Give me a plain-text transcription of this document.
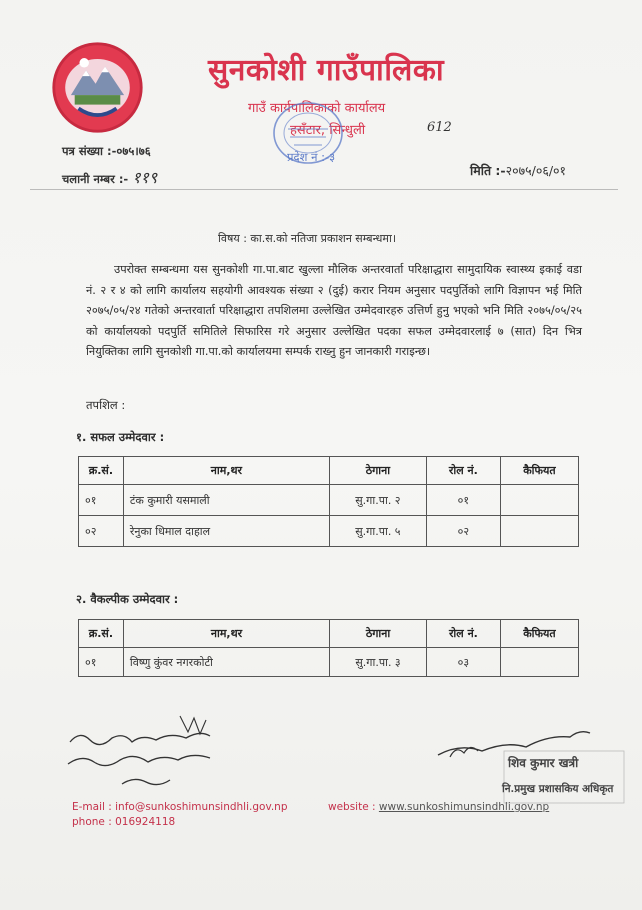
सुनकोशी गाउँपालिका
गाउँ कार्यपालिकाको कार्यालय
हसँटार, सिन्धुली
पत्र संख्या :-०७५।७६
चलानी नम्बर :- ११९
प्रदेश नं :-३
612
मिति :-२०७५/०६/०१
विषय : का.स.को नतिजा प्रकाशन सम्बन्धमा।
उपरोक्त सम्बन्धमा यस सुनकोशी गा.पा.बाट खुल्ला मौलिक अन्तरवार्ता परिक्षाद्धारा सामुदायिक स्वास्थ्य इकाई वडा नं. २ र ४ को लागि कार्यालय सहयोगी आवश्यक संख्या २ (दुई) करार नियम अनुसार पदपुर्तिको लागि विज्ञापन भई मिति २०७५/०५/२४ गतेको अन्तरवार्ता परिक्षाद्धारा तपशिलमा उल्लेखित उम्मेदवारहरु उत्तिर्ण हुनु भएको भनि मिति २०७५/०५/२५ को कार्यालयको पदपुर्ति समितिले सिफारिस गरे अनुसार उल्लेखित पदका सफल उम्मेदवारलाई ७ (सात) दिन भित्र नियुक्तिका लागि सुनकोशी गा.पा.को कार्यालयमा सम्पर्क राख्नु हुन जानकारी गराइन्छ।
तपशिल :
१. सफल उम्मेदवार :
क्र.सं.	नाम,थर	ठेगाना	रोल नं.	कैफियत
०१	टंक कुमारी यसमाली	सु.गा.पा. २	०१	
०२	रेनुका धिमाल दाहाल	सु.गा.पा. ५	०२	
२. वैकल्पीक उम्मेदवार :
क्र.सं.	नाम,थर	ठेगाना	रोल नं.	कैफियत
०१	विष्णु कुंवर नगरकोटी	सु.गा.पा. ३	०३	
शिव कुमार खत्री
नि.प्रमुख प्रशासकिय अधिकृत
E-mail : info@sunkoshimunsindhli.gov.np
phone : 016924118
website : www.sunkoshimunsindhli.gov.np
